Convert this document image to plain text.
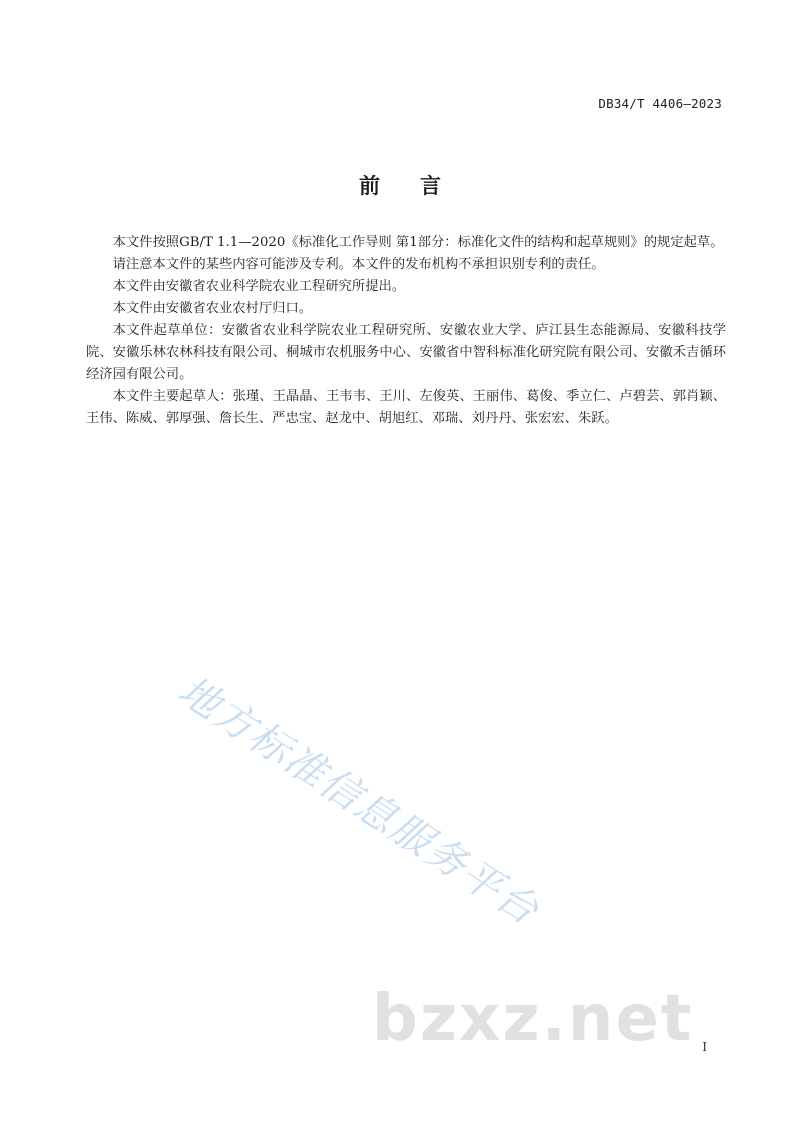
DB34/T 4406—2023
前 言

本文件按照GB/T 1.1—2020《标准化工作导则 第1部分：标准化文件的结构和起草规则》的规定起草。

请注意本文件的某些内容可能涉及专利。本文件的发布机构不承担识别专利的责任。

本文件由安徽省农业科学院农业工程研究所提出。

本文件由安徽省农业农村厅归口。

本文件起草单位：安徽省农业科学院农业工程研究所、安徽农业大学、庐江县生态能源局、安徽科技学院、安徽乐林农林科技有限公司、桐城市农机服务中心、安徽省中智科标准化研究院有限公司、安徽禾吉循环经济园有限公司。

本文件主要起草人：张瑾、王晶晶、王韦韦、王川、左俊英、王丽伟、葛俊、季立仁、卢碧芸、郭肖颖、王伟、陈威、郭厚强、詹长生、严忠宝、赵龙中、胡旭红、邓瑞、刘丹丹、张宏宏、朱跃。

地方标准信息服务平台
bzxz.net I
